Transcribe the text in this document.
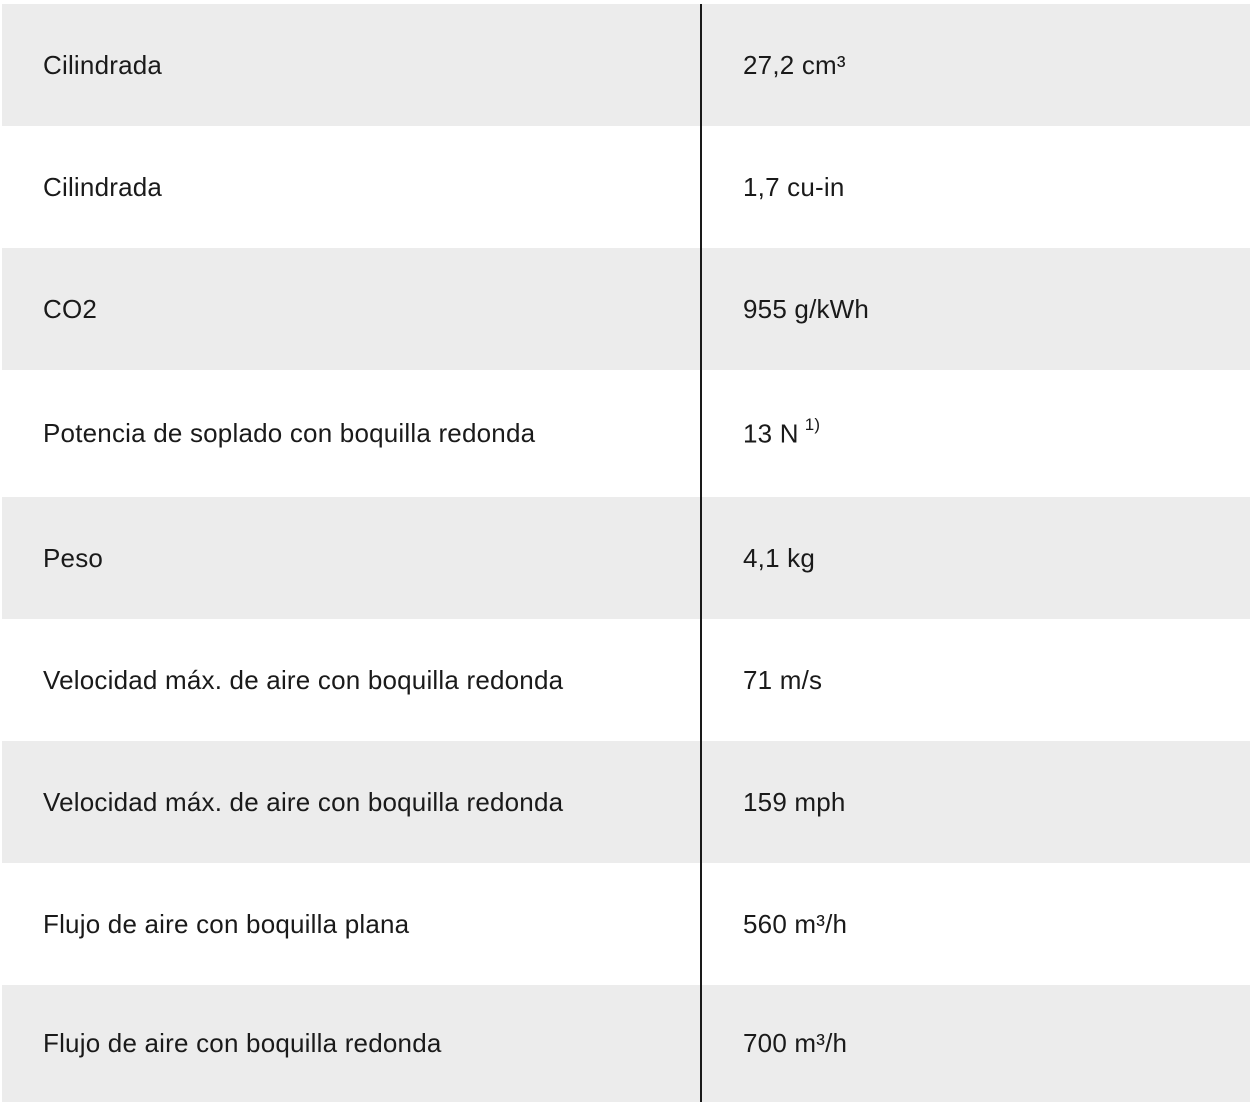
Cilindrada	27,2 cm³
Cilindrada	1,7 cu-in
CO2	955 g/kWh
Potencia de soplado con boquilla redonda	13 N $^{1)}$
Peso	4,1 kg
Velocidad máx. de aire con boquilla redonda	71 m/s
Velocidad máx. de aire con boquilla redonda	159 mph
Flujo de aire con boquilla plana	560 m³/h
Flujo de aire con boquilla redonda	700 m³/h
